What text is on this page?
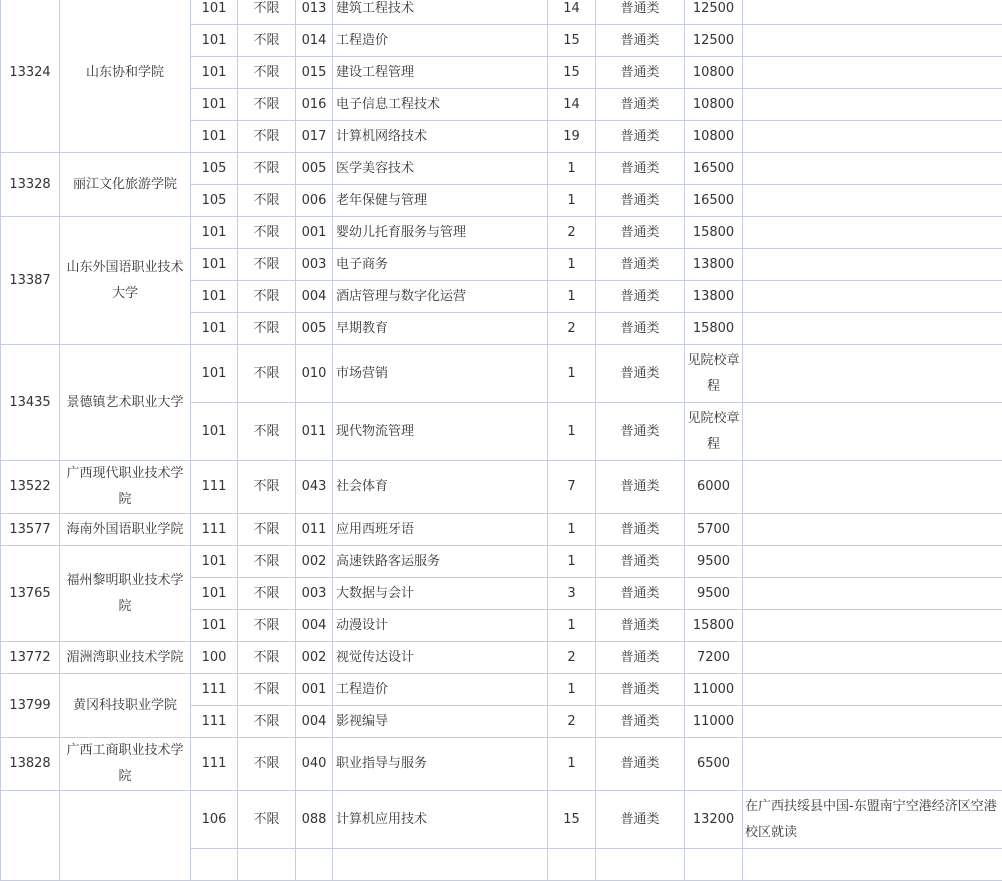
13324	山东协和学院	101	不限	013	建筑工程技术	14	普通类	12500	
		101	不限	014	工程造价	15	普通类	12500	
		101	不限	015	建设工程管理	15	普通类	10800	
		101	不限	016	电子信息工程技术	14	普通类	10800	
		101	不限	017	计算机网络技术	19	普通类	10800	
13328	丽江文化旅游学院	105	不限	005	医学美容技术	1	普通类	16500	
		105	不限	006	老年保健与管理	1	普通类	16500	
13387	山东外国语职业技术大学	101	不限	001	婴幼儿托育服务与管理	2	普通类	15800	
		101	不限	003	电子商务	1	普通类	13800	
		101	不限	004	酒店管理与数字化运营	1	普通类	13800	
		101	不限	005	早期教育	2	普通类	15800	
13435	景德镇艺术职业大学	101	不限	010	市场营销	1	普通类	见院校章程	
		101	不限	011	现代物流管理	1	普通类	见院校章程	
13522	广西现代职业技术学院	111	不限	043	社会体育	7	普通类	6000	
13577	海南外国语职业学院	111	不限	011	应用西班牙语	1	普通类	5700	
13765	福州黎明职业技术学院	101	不限	002	高速铁路客运服务	1	普通类	9500	
		101	不限	003	大数据与会计	3	普通类	9500	
		101	不限	004	动漫设计	1	普通类	15800	
13772	湄洲湾职业技术学院	100	不限	002	视觉传达设计	2	普通类	7200	
13799	黄冈科技职业学院	111	不限	001	工程造价	1	普通类	11000	
		111	不限	004	影视编导	2	普通类	11000	
13828	广西工商职业技术学院	111	不限	040	职业指导与服务	1	普通类	6500	
		106	不限	088	计算机应用技术	15	普通类	13200	在广西扶绥县中国-东盟南宁空港经济区空港校区就读
